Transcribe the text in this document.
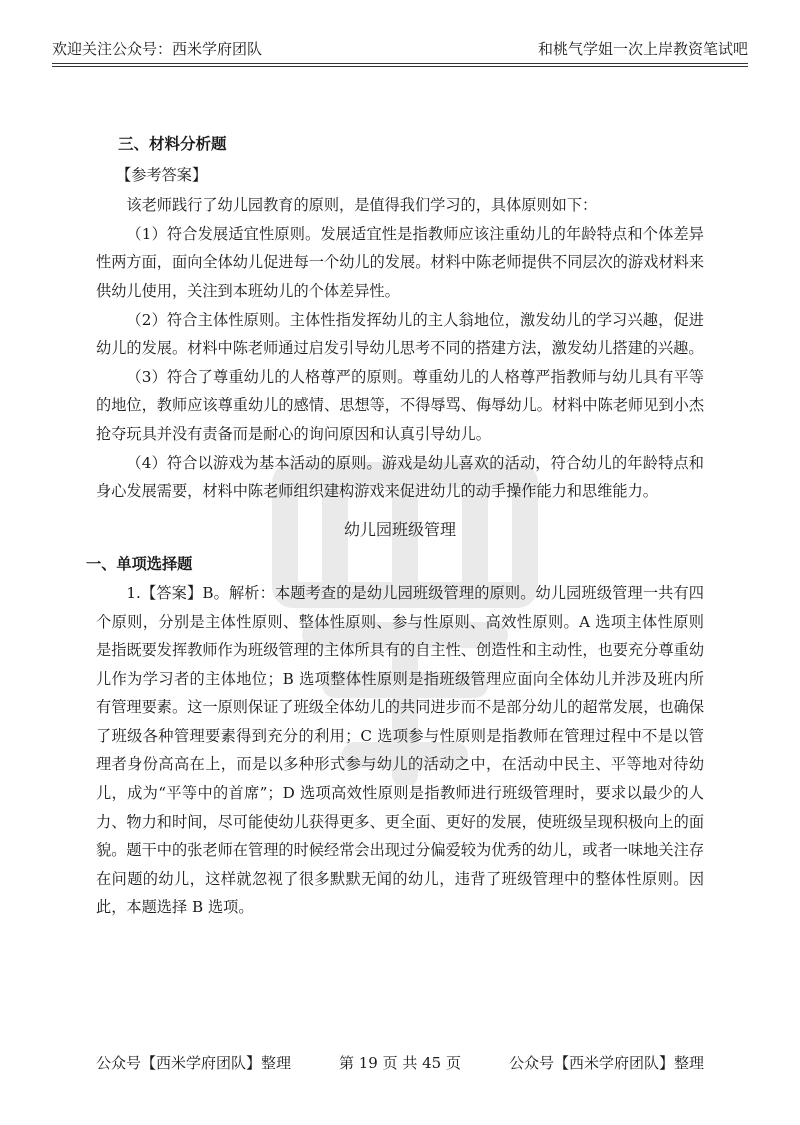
欢迎关注公众号：西米学府团队	和桃气学姐一次上岸教资笔试吧
三、材料分析题
【参考答案】

该老师践行了幼儿园教育的原则，是值得我们学习的，具体原则如下：

（1）符合发展适宜性原则。发展适宜性是指教师应该注重幼儿的年龄特点和个体差异性两方面，面向全体幼儿促进每一个幼儿的发展。材料中陈老师提供不同层次的游戏材料来供幼儿使用，关注到本班幼儿的个体差异性。

（2）符合主体性原则。主体性指发挥幼儿的主人翁地位，激发幼儿的学习兴趣，促进幼儿的发展。材料中陈老师通过启发引导幼儿思考不同的搭建方法，激发幼儿搭建的兴趣。

（3）符合了尊重幼儿的人格尊严的原则。尊重幼儿的人格尊严指教师与幼儿具有平等的地位，教师应该尊重幼儿的感情、思想等，不得辱骂、侮辱幼儿。材料中陈老师见到小杰抢夺玩具并没有责备而是耐心的询问原因和认真引导幼儿。

（4）符合以游戏为基本活动的原则。游戏是幼儿喜欢的活动，符合幼儿的年龄特点和身心发展需要，材料中陈老师组织建构游戏来促进幼儿的动手操作能力和思维能力。

幼儿园班级管理
一、单项选择题

1.【答案】B。解析：本题考查的是幼儿园班级管理的原则。幼儿园班级管理一共有四个原则，分别是主体性原则、整体性原则、参与性原则、高效性原则。A 选项主体性原则是指既要发挥教师作为班级管理的主体所具有的自主性、创造性和主动性，也要充分尊重幼儿作为学习者的主体地位；B 选项整体性原则是指班级管理应面向全体幼儿并涉及班内所有管理要素。这一原则保证了班级全体幼儿的共同进步而不是部分幼儿的超常发展，也确保了班级各种管理要素得到充分的利用；C 选项参与性原则是指教师在管理过程中不是以管理者身份高高在上，而是以多种形式参与幼儿的活动之中，在活动中民主、平等地对待幼儿，成为“平等中的首席”；D 选项高效性原则是指教师进行班级管理时，要求以最少的人力、物力和时间，尽可能使幼儿获得更多、更全面、更好的发展，使班级呈现积极向上的面貌。题干中的张老师在管理的时候经常会出现过分偏爱较为优秀的幼儿，或者一味地关注存在问题的幼儿，这样就忽视了很多默默无闻的幼儿，违背了班级管理中的整体性原则。因此，本题选择 B 选项。

公众号【西米学府团队】整理	第 19 页 共 45 页	公众号【西米学府团队】整理
